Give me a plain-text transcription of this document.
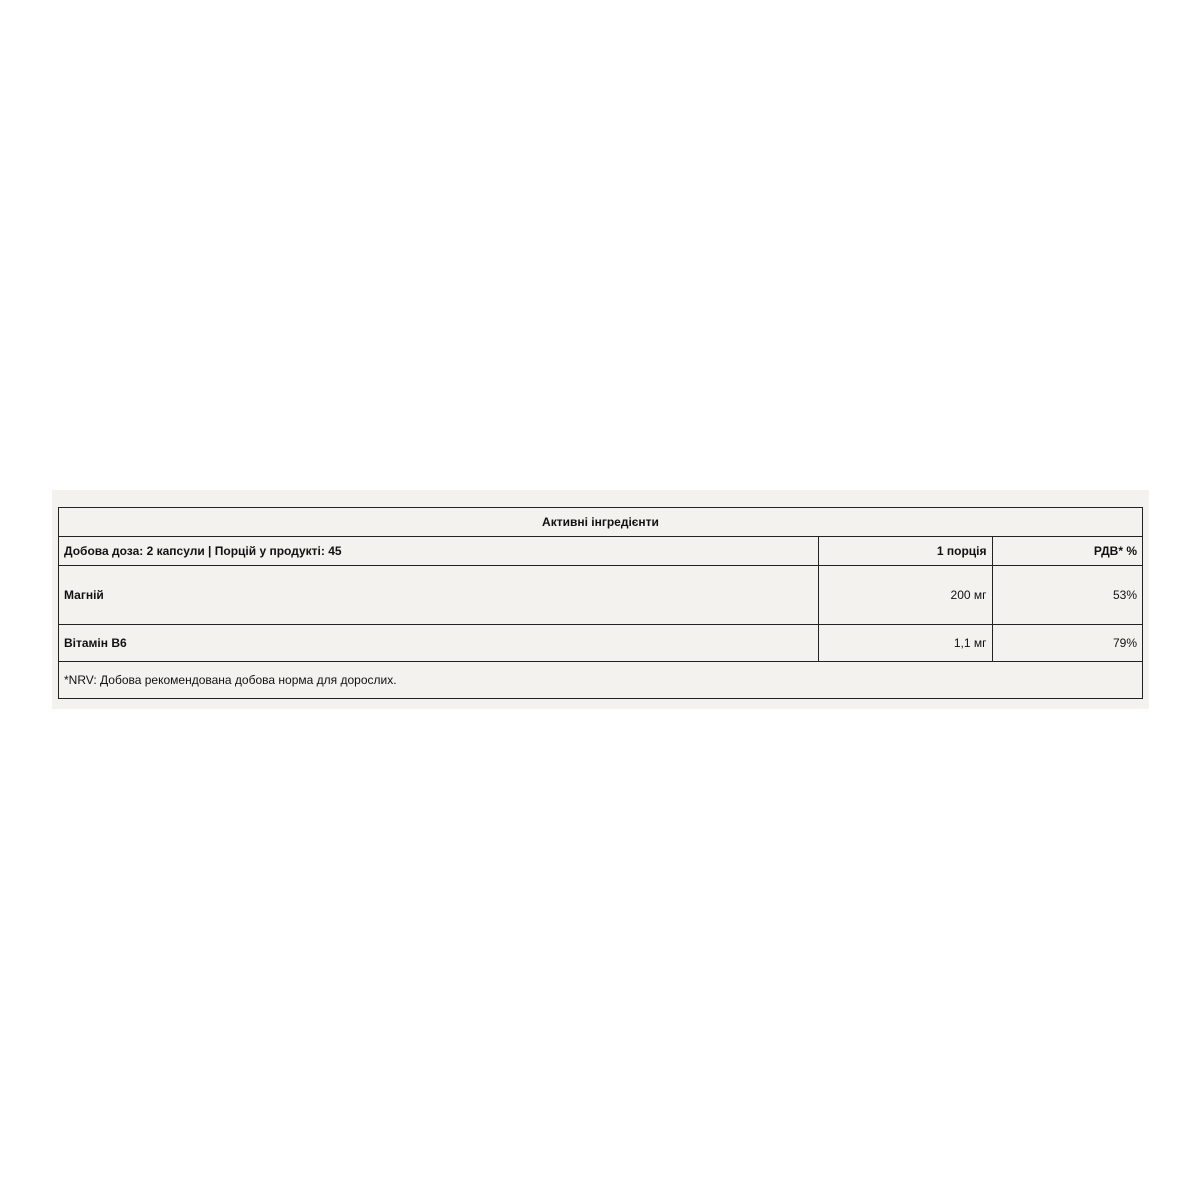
Активні інгредієнти		
Добова доза: 2 капсули | Порцій у продукті: 45	1 порція	РДВ* %
Магній	200 мг	53%
Вітамін B6	1,1 мг	79%
*NRV: Добова рекомендована добова норма для дорослих.		
